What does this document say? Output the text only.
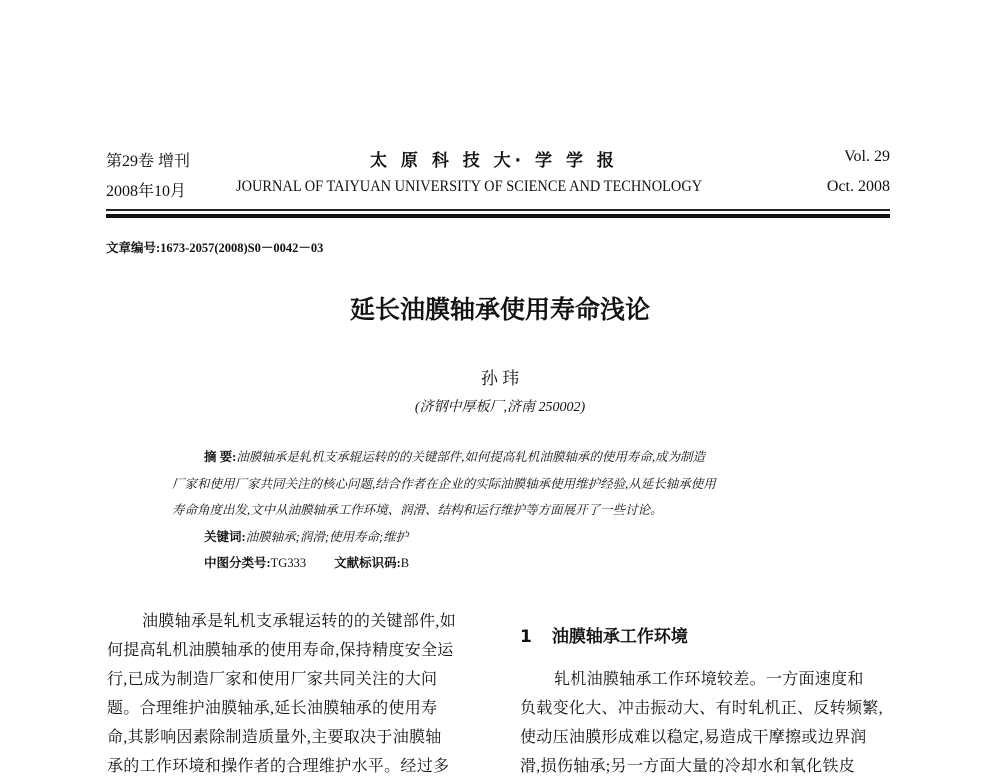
第29卷 增刊	太 原 科 技 大· 学 学 报	Vol. 29
2008年10月	JOURNAL OF TAIYUAN UNIVERSITY OF SCIENCE AND TECHNOLOGY	Oct. 2008
文章编号:1673-2057(2008)S0－0042－03
延长油膜轴承使用寿命浅论
孙 玮
(济钢中厚板厂,济南 250002)
摘 要:油膜轴承是轧机支承辊运转的的关键部件,如何提高轧机油膜轴承的使用寿命,成为制造
厂家和使用厂家共同关注的核心问题,结合作者在企业的实际油膜轴承使用维护经验,从延长轴承使用
寿命角度出发,文中从油膜轴承工作环境、润滑、结构和运行维护等方面展开了一些讨论。
关键词:油膜轴承;润滑;使用寿命;维护
中图分类号:TG333 文献标识码:B
油膜轴承是轧机支承辊运转的的关键部件,如
何提高轧机油膜轴承的使用寿命,保持精度安全运
行,已成为制造厂家和使用厂家共同关注的大问
题。合理维护油膜轴承,延长油膜轴承的使用寿
命,其影响因素除制造质量外,主要取决于油膜轴
承的工作环境和操作者的合理维护水平。经过多
1 油膜轴承工作环境
轧机油膜轴承工作环境较差。一方面速度和
负载变化大、冲击振动大、有时轧机正、反转频繁,
使动压油膜形成难以稳定,易造成干摩擦或边界润
滑,损伤轴承;另一方面大量的冷却水和氧化铁皮
